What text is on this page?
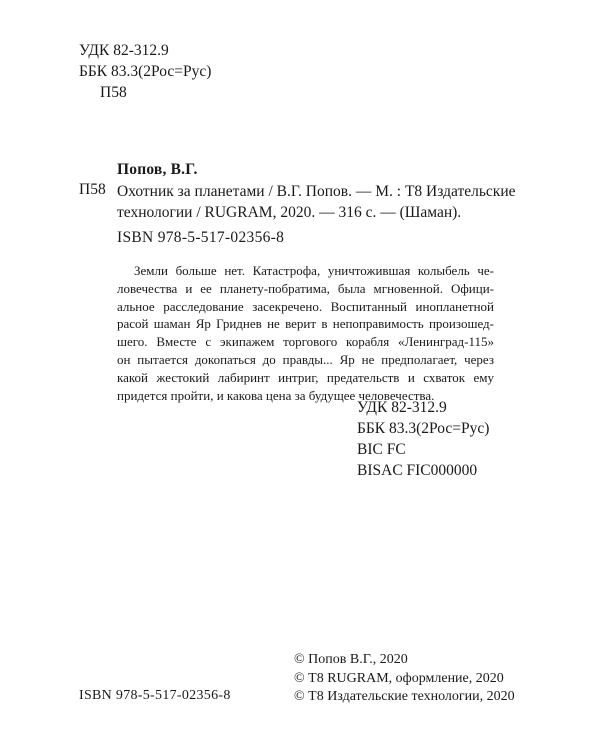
УДК 82-312.9
ББК 83.3(2Рос=Рус)
П58
Попов, В.Г.
П58 Охотник за планетами / В.Г. Попов. — М. : Т8 Издательские
технологии / RUGRAM, 2020. — 316 с. — (Шаман).
ISBN 978-5-517-02356-8
Земли больше нет. Катастрофа, уничтожившая колыбель че-
ловечества и ее планету-побратима, была мгновенной. Офици-
альное расследование засекречено. Воспитанный инопланетной
расой шаман Яр Гриднев не верит в непоправимость произошед-
шего. Вместе с экипажем торгового корабля «Ленинград-115»
он пытается докопаться до правды... Яр не предполагает, через
какой жестокий лабиринт интриг, предательств и схваток ему
придется пройти, и какова цена за будущее человечества.
УДК 82-312.9
ББК 83.3(2Рос=Рус)
BIC FC
BISAC FIC000000
© Попов В.Г., 2020
© Т8 RUGRAM, оформление, 2020
© Т8 Издательские технологии, 2020
ISBN 978-5-517-02356-8
